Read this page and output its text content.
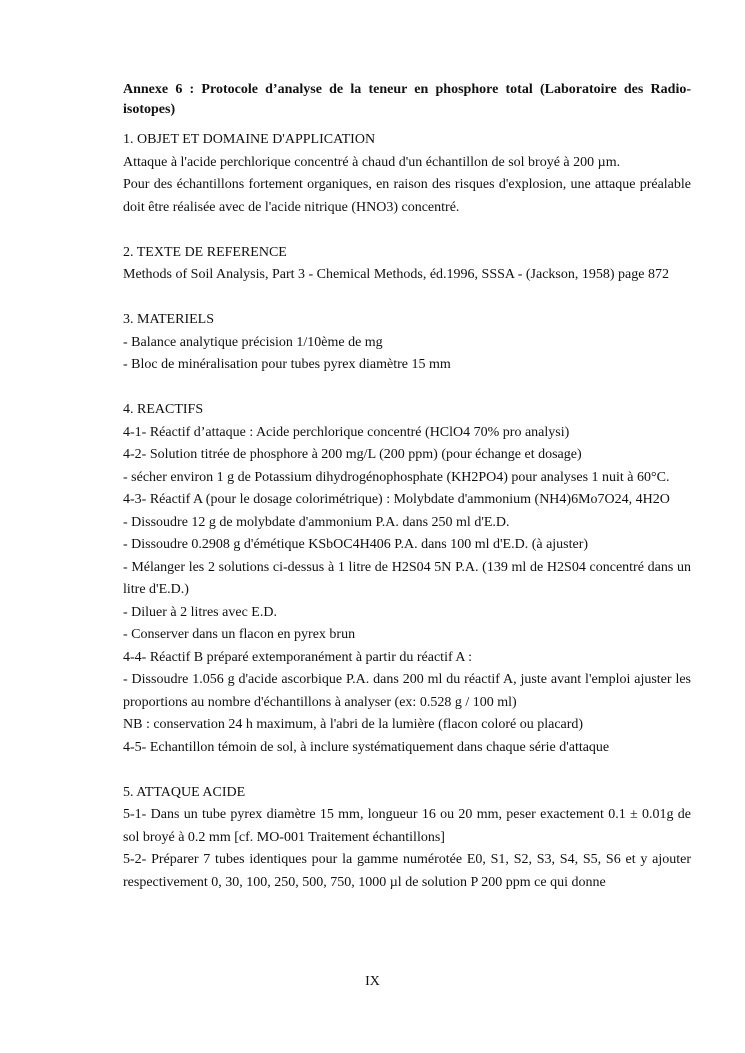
Annexe 6 : Protocole d’analyse de la teneur en phosphore total (Laboratoire des Radio-isotopes)
1. OBJET ET DOMAINE D'APPLICATION
Attaque à l'acide perchlorique concentré à chaud d'un échantillon de sol broyé à 200 µm.
Pour des échantillons fortement organiques, en raison des risques d'explosion, une attaque préalable doit être réalisée avec de l'acide nitrique (HNO3) concentré.
2. TEXTE DE REFERENCE
Methods of Soil Analysis, Part 3 - Chemical Methods, éd.1996, SSSA - (Jackson, 1958) page 872
3. MATERIELS
- Balance analytique précision 1/10ème de mg
- Bloc de minéralisation pour tubes pyrex diamètre 15 mm
4. REACTIFS
4-1- Réactif d’attaque : Acide perchlorique concentré (HClO4 70% pro analysi)
4-2- Solution titrée de phosphore à 200 mg/L (200 ppm) (pour échange et dosage)
- sécher environ 1 g de Potassium dihydrogénophosphate (KH2PO4) pour analyses 1 nuit à 60°C.
4-3- Réactif A (pour le dosage colorimétrique) : Molybdate d'ammonium (NH4)6Mo7O24, 4H2O
- Dissoudre 12 g de molybdate d'ammonium P.A. dans 250 ml d'E.D.
- Dissoudre 0.2908 g d'émétique KSbOC4H406 P.A. dans 100 ml d'E.D. (à ajuster)
- Mélanger les 2 solutions ci-dessus à 1 litre de H2S04 5N P.A. (139 ml de H2S04 concentré dans un litre d'E.D.)
- Diluer à 2 litres avec E.D.
- Conserver dans un flacon en pyrex brun
4-4- Réactif B préparé extemporanément à partir du réactif A :
- Dissoudre 1.056 g d'acide ascorbique P.A. dans 200 ml du réactif A, juste avant l'emploi ajuster les proportions au nombre d'échantillons à analyser (ex: 0.528 g / 100 ml)
NB : conservation 24 h maximum, à l'abri de la lumière (flacon coloré ou placard)
4-5- Echantillon témoin de sol, à inclure systématiquement dans chaque série d'attaque
5. ATTAQUE ACIDE
5-1- Dans un tube pyrex diamètre 15 mm, longueur 16 ou 20 mm, peser exactement 0.1 ± 0.01g de sol broyé à 0.2 mm [cf. MO-001 Traitement échantillons]
5-2- Préparer 7 tubes identiques pour la gamme numérotée E0, S1, S2, S3, S4, S5, S6 et y ajouter respectivement 0, 30, 100, 250, 500, 750, 1000 µl de solution P 200 ppm ce qui donne
IX
